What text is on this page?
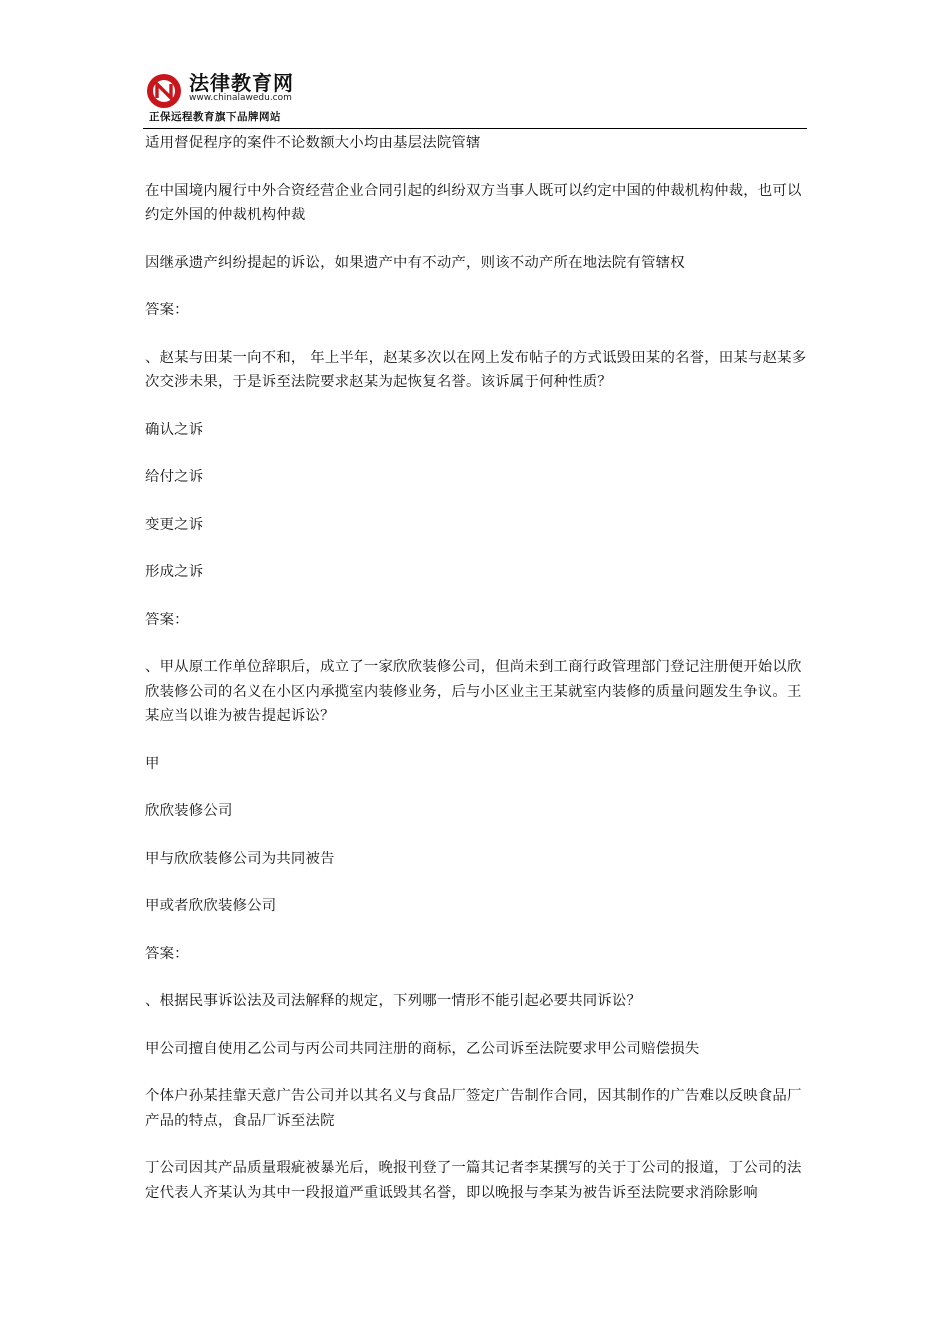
法律教育网
www.chinalawedu.com
正保远程教育旗下品牌网站

适用督促程序的案件不论数额大小均由基层法院管辖

在中国境内履行中外合资经营企业合同引起的纠纷双方当事人既可以约定中国的仲裁机构仲裁，也可以约定外国的仲裁机构仲裁

因继承遗产纠纷提起的诉讼，如果遗产中有不动产，则该不动产所在地法院有管辖权

答案：

、赵某与田某一向不和， 年上半年，赵某多次以在网上发布帖子的方式诋毁田某的名誉，田某与赵某多次交涉未果，于是诉至法院要求赵某为起恢复名誉。该诉属于何种性质？

确认之诉

给付之诉

变更之诉

形成之诉

答案：

、甲从原工作单位辞职后，成立了一家欣欣装修公司，但尚未到工商行政管理部门登记注册便开始以欣欣装修公司的名义在小区内承揽室内装修业务，后与小区业主王某就室内装修的质量问题发生争议。王某应当以谁为被告提起诉讼？

甲

欣欣装修公司

甲与欣欣装修公司为共同被告

甲或者欣欣装修公司

答案：

、根据民事诉讼法及司法解释的规定，下列哪一情形不能引起必要共同诉讼？

甲公司擅自使用乙公司与丙公司共同注册的商标，乙公司诉至法院要求甲公司赔偿损失

个体户孙某挂靠天意广告公司并以其名义与食品厂签定广告制作合同，因其制作的广告难以反映食品厂产品的特点，食品厂诉至法院

丁公司因其产品质量瑕疵被暴光后，晚报刊登了一篇其记者李某撰写的关于丁公司的报道，丁公司的法定代表人齐某认为其中一段报道严重诋毁其名誉，即以晚报与李某为被告诉至法院要求消除影响
